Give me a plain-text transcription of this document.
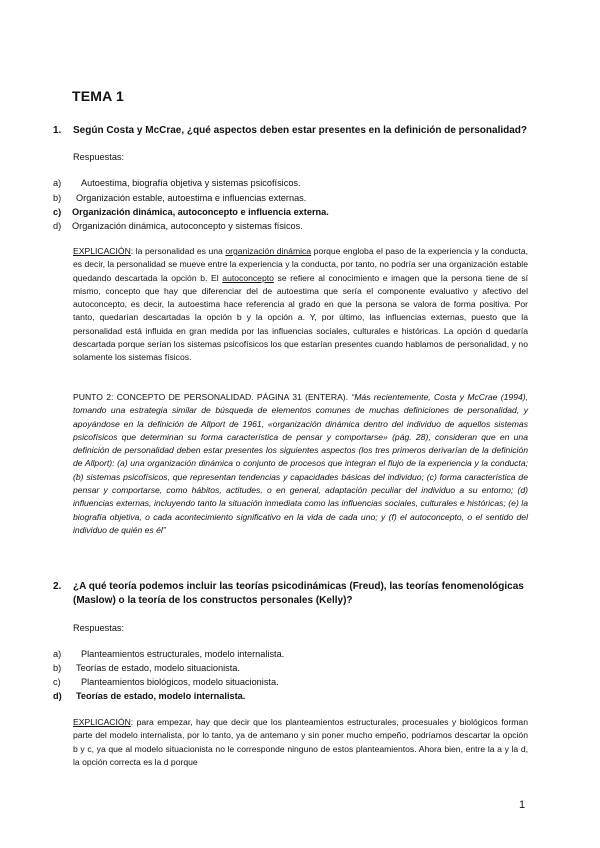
TEMA 1
1. Según Costa y McCrae, ¿qué aspectos deben estar presentes en la definición de personalidad?
Respuestas:
a)	Autoestima, biografía objetiva y sistemas psicofísicos.
b)	Organización estable, autoestima e influencias externas.
c)	Organización dinámica, autoconcepto e influencia externa.
d)	Organización dinámica, autoconcepto y sistemas físicos.
EXPLICACIÓN: la personalidad es una organización dinámica porque engloba el paso de la experiencia y la conducta, es decir, la personalidad se mueve entre la experiencia y la conducta, por tanto, no podría ser una organización estable quedando descartada la opción b. El autoconcepto se refiere al conocimiento e imagen que la persona tiene de sí mismo, concepto que hay que diferenciar del de autoestima que sería el componente evaluativo y afectivo del autoconcepto, es decir, la autoestima hace referencia al grado en que la persona se valora de forma positiva. Por tanto, quedarían descartadas la opción b y la opción a. Y, por último, las influencias externas, puesto que la personalidad está influida en gran medida por las influencias sociales, culturales e históricas. La opción d quedaría descartada porque serían los sistemas psicofísicos los que estarían presentes cuando hablamos de personalidad, y no solamente los sistemas físicos.
PUNTO 2: CONCEPTO DE PERSONALIDAD. PÁGINA 31 (ENTERA). “Más recientemente, Costa y McCrae (1994), tomando una estrategia similar de búsqueda de elementos comunes de muchas definiciones de personalidad, y apoyándose en la definición de Allport de 1961, «organización dinámica dentro del individuo de aquellos sistemas psicofísicos que determinan su forma característica de pensar y comportarse» (pág. 28), consideran que en una definición de personalidad deben estar presentes los siguientes aspectos (los tres primeros derivarían de la definición de Allport): (a) una organización dinámica o conjunto de procesos que integran el flujo de la experiencia y la conducta; (b) sistemas psicofísicos, que representan tendencias y capacidades básicas del individuo; (c) forma característica de pensar y comportarse, como hábitos, actitudes, o en general, adaptación peculiar del individuo a su entorno; (d) influencias externas, incluyendo tanto la situación inmediata como las influencias sociales, culturales e históricas; (e) la biografía objetiva, o cada acontecimiento significativo en la vida de cada uno; y (f) el autoconcepto, o el sentido del individuo de quién es él”
2. ¿A qué teoría podemos incluir las teorías psicodinámicas (Freud), las teorías fenomenológicas (Maslow) o la teoría de los constructos personales (Kelly)?
Respuestas:
a)	Planteamientos estructurales, modelo internalista.
b)	Teorías de estado, modelo situacionista.
c)	Planteamientos biológicos, modelo situacionista.
d)	Teorías de estado, modelo internalista.
EXPLICACIÓN: para empezar, hay que decir que los planteamientos estructurales, procesuales y biológicos forman parte del modelo internalista, por lo tanto, ya de antemano y sin poner mucho empeño, podríamos descartar la opción b y c, ya que al modelo situacionista no le corresponde ninguno de estos planteamientos. Ahora bien, entre la a y la d, la opción correcta es la d porque
1
